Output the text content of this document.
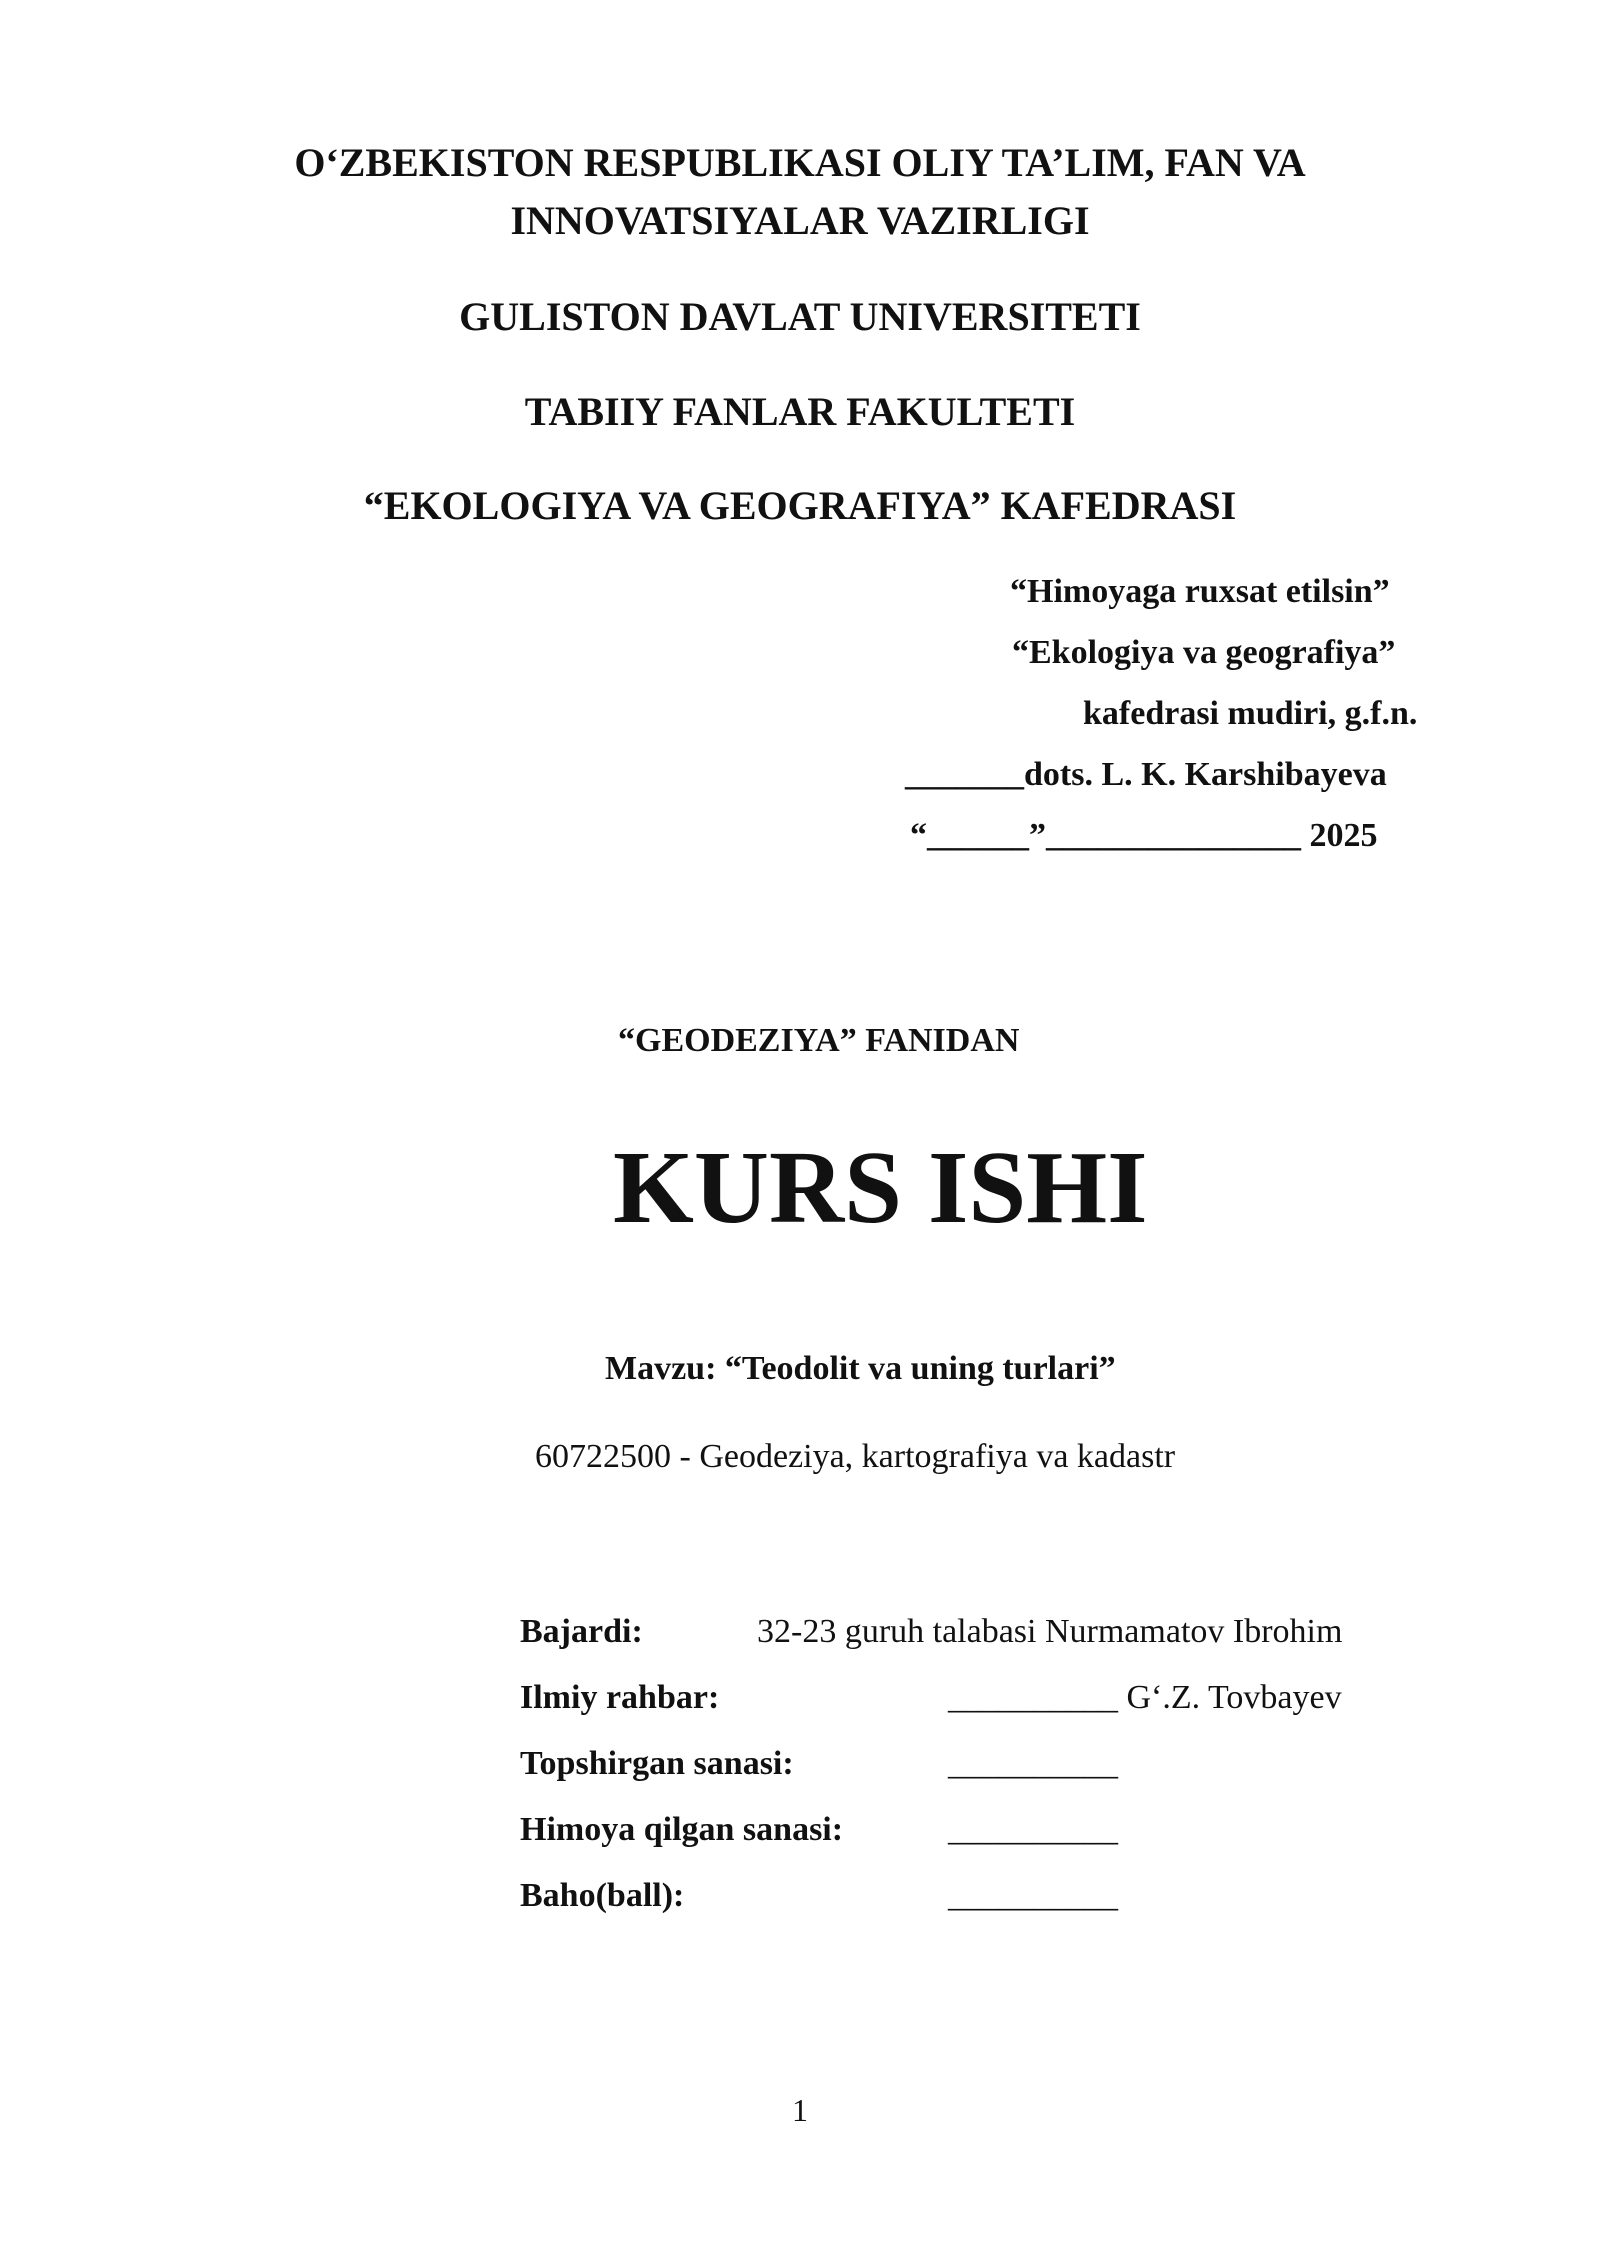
O‘ZBEKISTON RESPUBLIKASI OLIY TA’LIM, FAN VA
INNOVATSIYALAR VAZIRLIGI
GULISTON DAVLAT UNIVERSITETI
TABIIY FANLAR FAKULTETI
“EKOLOGIYA VA GEOGRAFIYA” KAFEDRASI
“Himoyaga ruxsat etilsin”
“Ekologiya va geografiya”
kafedrasi mudiri, g.f.n.
_______dots. L. K. Karshibayeva
“______”_______________ 2025
“GEODEZIYA” FANIDAN
KURS ISHI
Mavzu: “Teodolit va uning turlari”
60722500 - Geodeziya, kartografiya va kadastr
Bajardi:	32-23 guruh talabasi Nurmamatov Ibrohim
Ilmiy rahbar:	__________ G‘.Z. Tovbayev
Topshirgan sanasi:	__________
Himoya qilgan sanasi:	__________
Baho(ball):	__________
1
